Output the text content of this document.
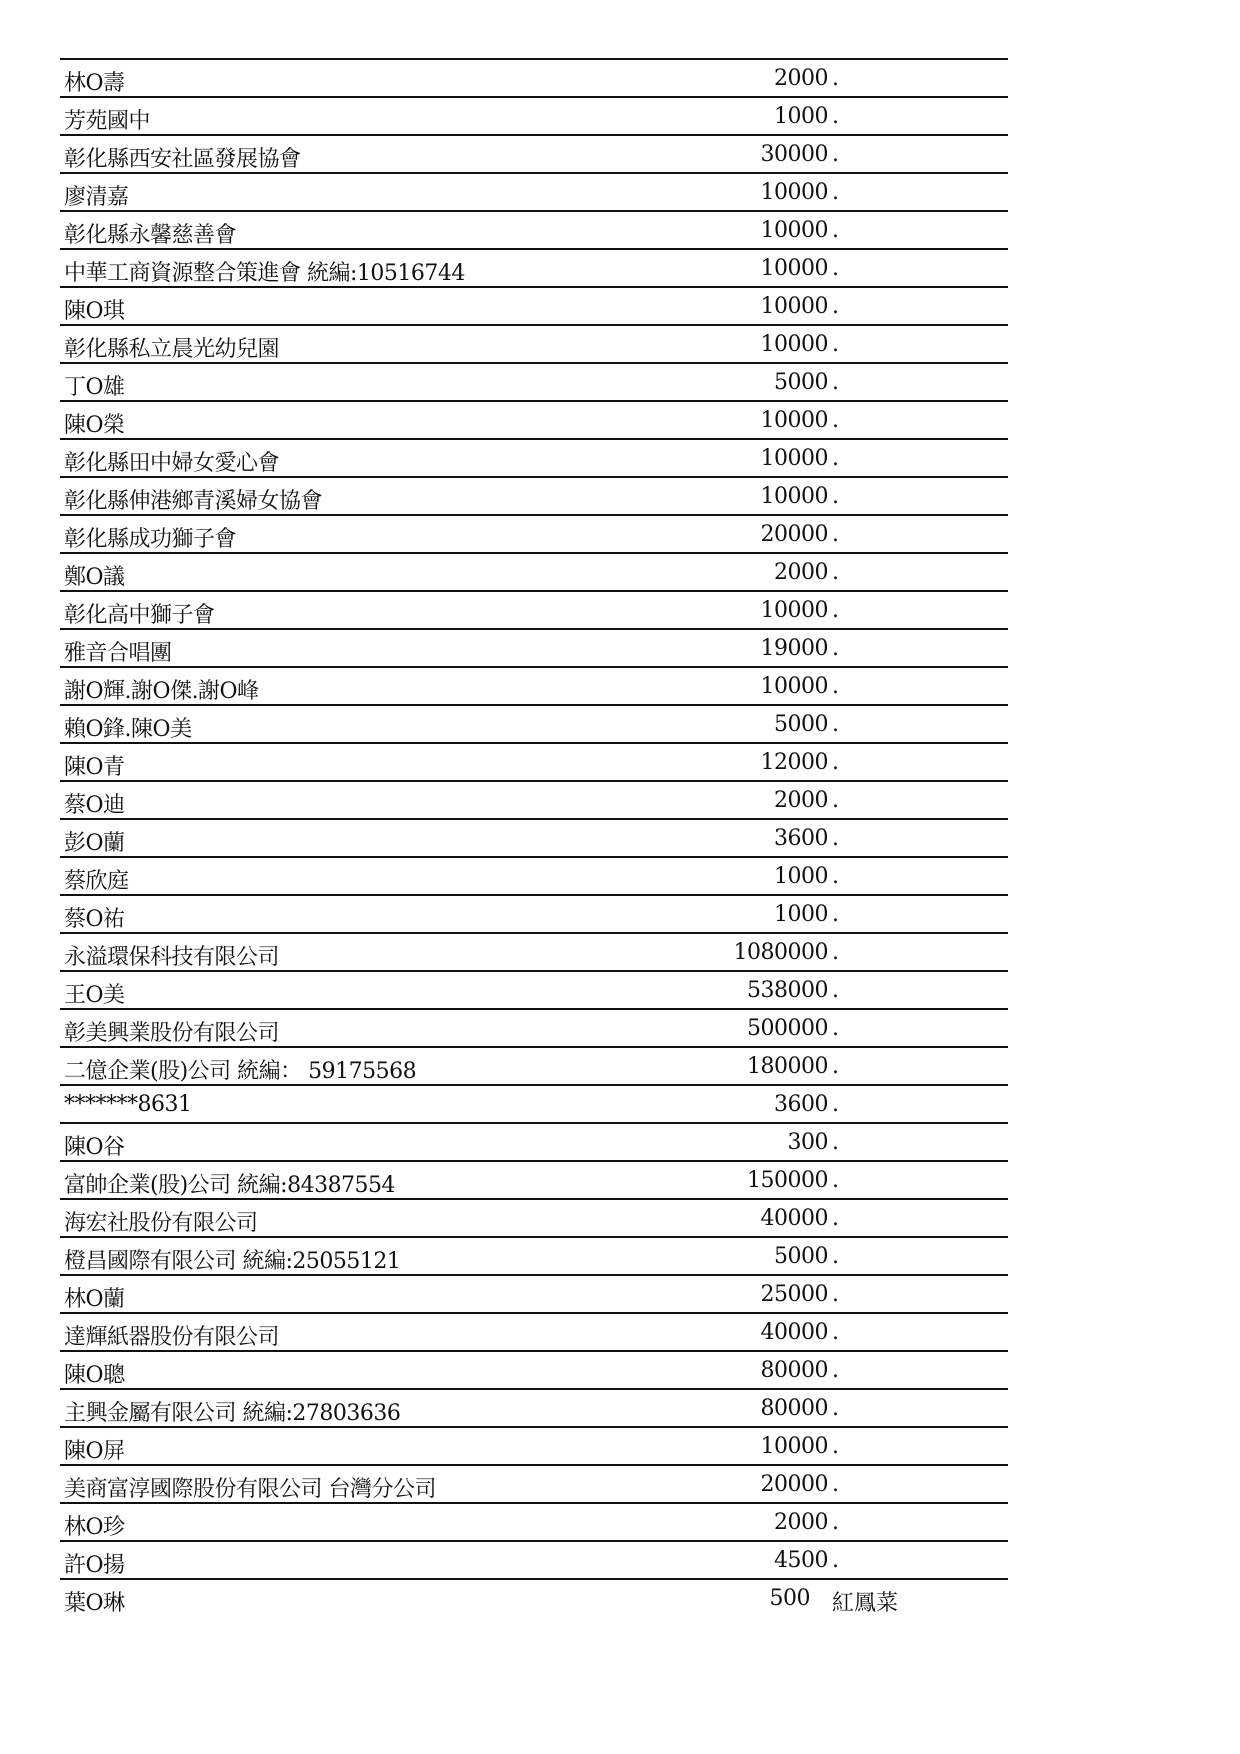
林O壽	2000 .
芳苑國中	1000 .
彰化縣西安社區發展協會	30000 .
廖清嘉	10000 .
彰化縣永馨慈善會	10000 .
中華工商資源整合策進會 統編:10516744	10000 .
陳O琪	10000 .
彰化縣私立晨光幼兒園	10000 .
丁O雄	5000 .
陳O榮	10000 .
彰化縣田中婦女愛心會	10000 .
彰化縣伸港鄉青溪婦女協會	10000 .
彰化縣成功獅子會	20000 .
鄭O議	2000 .
彰化高中獅子會	10000 .
雅音合唱團	19000 .
謝O輝.謝O傑.謝O峰	10000 .
賴O鋒.陳O美	5000 .
陳O青	12000 .
蔡O迪	2000 .
彭O蘭	3600 .
蔡欣庭	1000 .
蔡O祐	1000 .
永溢環保科技有限公司	1080000 .
王O美	538000 .
彰美興業股份有限公司	500000 .
二億企業(股)公司 統編： 59175568	180000 .
*******8631	3600 .
陳O谷	300 .
富帥企業(股)公司 統編:84387554	150000 .
海宏社股份有限公司	40000 .
橙昌國際有限公司 統編:25055121	5000 .
林O蘭	25000 .
達輝紙器股份有限公司	40000 .
陳O聰	80000 .
主興金屬有限公司 統編:27803636	80000 .
陳O屏	10000 .
美商富淳國際股份有限公司 台灣分公司	20000 .
林O珍	2000 .
許O揚	4500 .
葉O琳	500 紅鳳菜
